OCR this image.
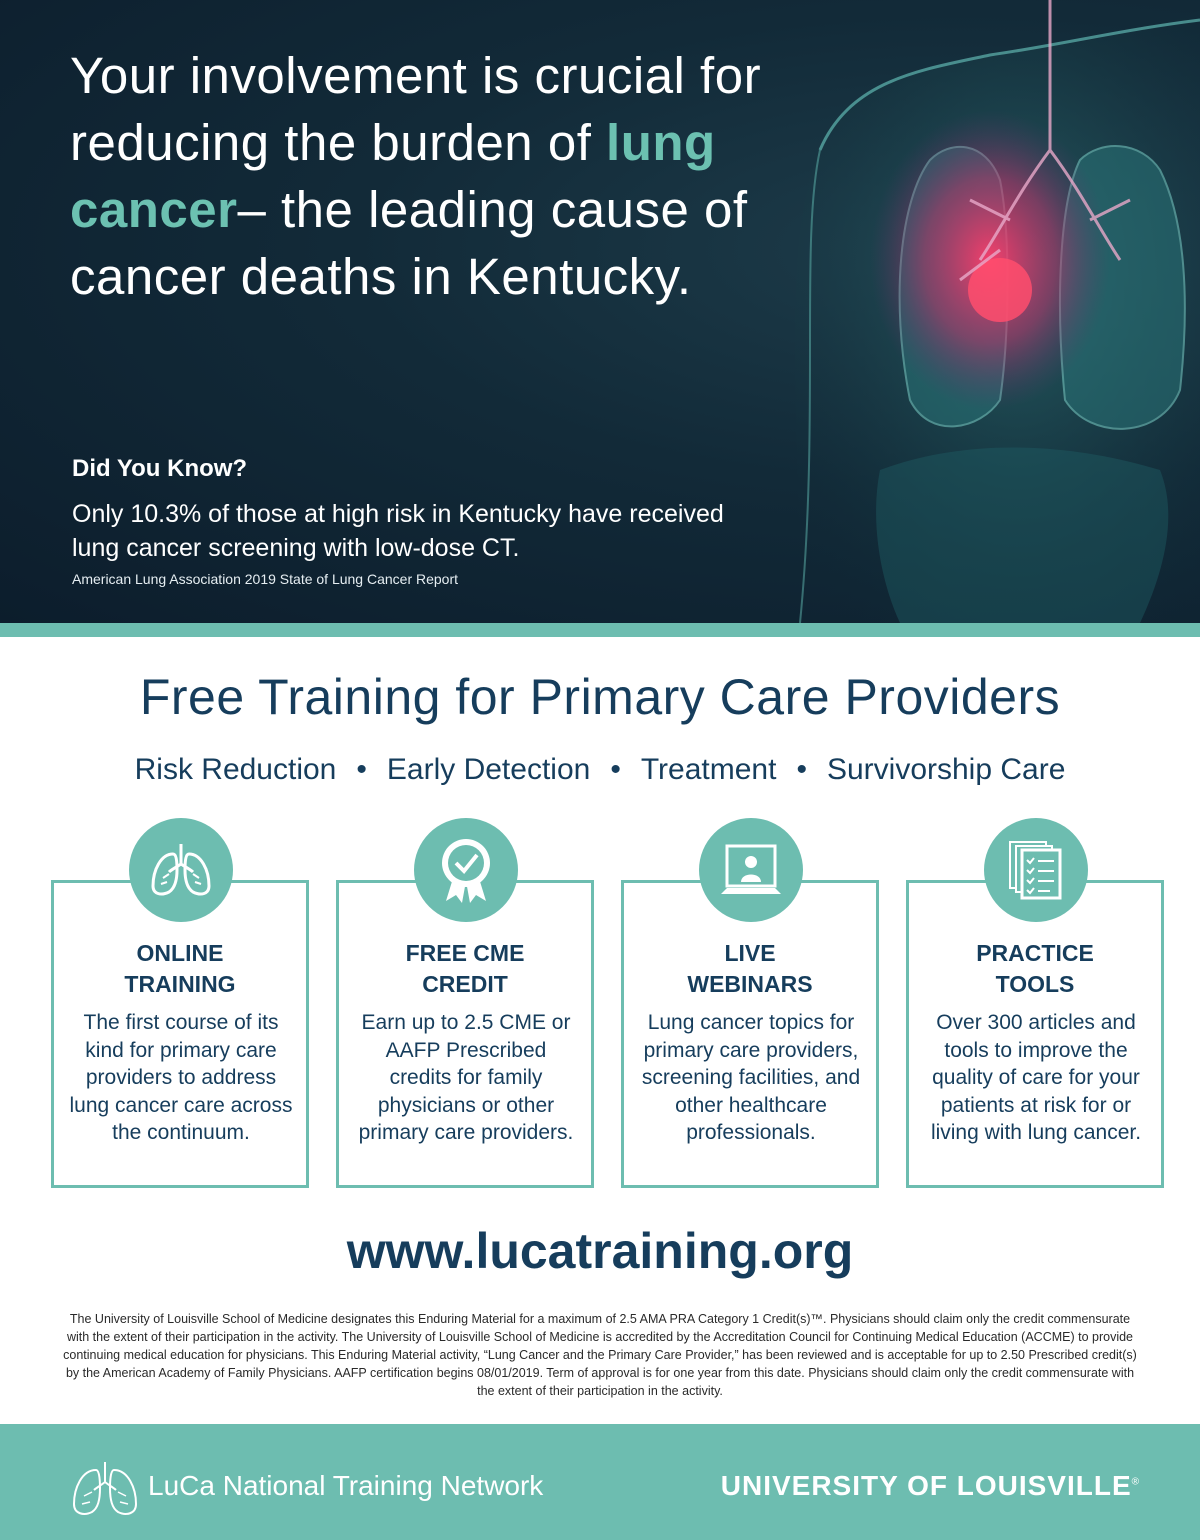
Your involvement is crucial for reducing the burden of lung cancer– the leading cause of cancer deaths in Kentucky.
Did You Know?
Only 10.3% of those at high risk in Kentucky have received lung cancer screening with low-dose CT.
American Lung Association 2019 State of Lung Cancer Report
Free Training for Primary Care Providers
Risk Reduction • Early Detection • Treatment • Survivorship Care
ONLINE
TRAINING
The first course of its kind for primary care providers to address lung cancer care across the continuum.
FREE CME
CREDIT
Earn up to 2.5 CME or AAFP Prescribed credits for family physicians or other primary care providers.
LIVE
WEBINARS
Lung cancer topics for primary care providers, screening facilities, and other healthcare professionals.
PRACTICE
TOOLS
Over 300 articles and tools to improve the quality of care for your patients at risk for or living with lung cancer.
www.lucatraining.org
The University of Louisville School of Medicine designates this Enduring Material for a maximum of 2.5 AMA PRA Category 1 Credit(s)™. Physicians should claim only the credit commensurate with the extent of their participation in the activity. The University of Louisville School of Medicine is accredited by the Accreditation Council for Continuing Medical Education (ACCME) to provide continuing medical education for physicians. This Enduring Material activity, “Lung Cancer and the Primary Care Provider,” has been reviewed and is acceptable for up to 2.50 Prescribed credit(s) by the American Academy of Family Physicians. AAFP certification begins 08/01/2019. Term of approval is for one year from this date. Physicians should claim only the credit commensurate with the extent of their participation in the activity.
LuCa National Training Network	UNIVERSITY OF LOUISVILLE®
